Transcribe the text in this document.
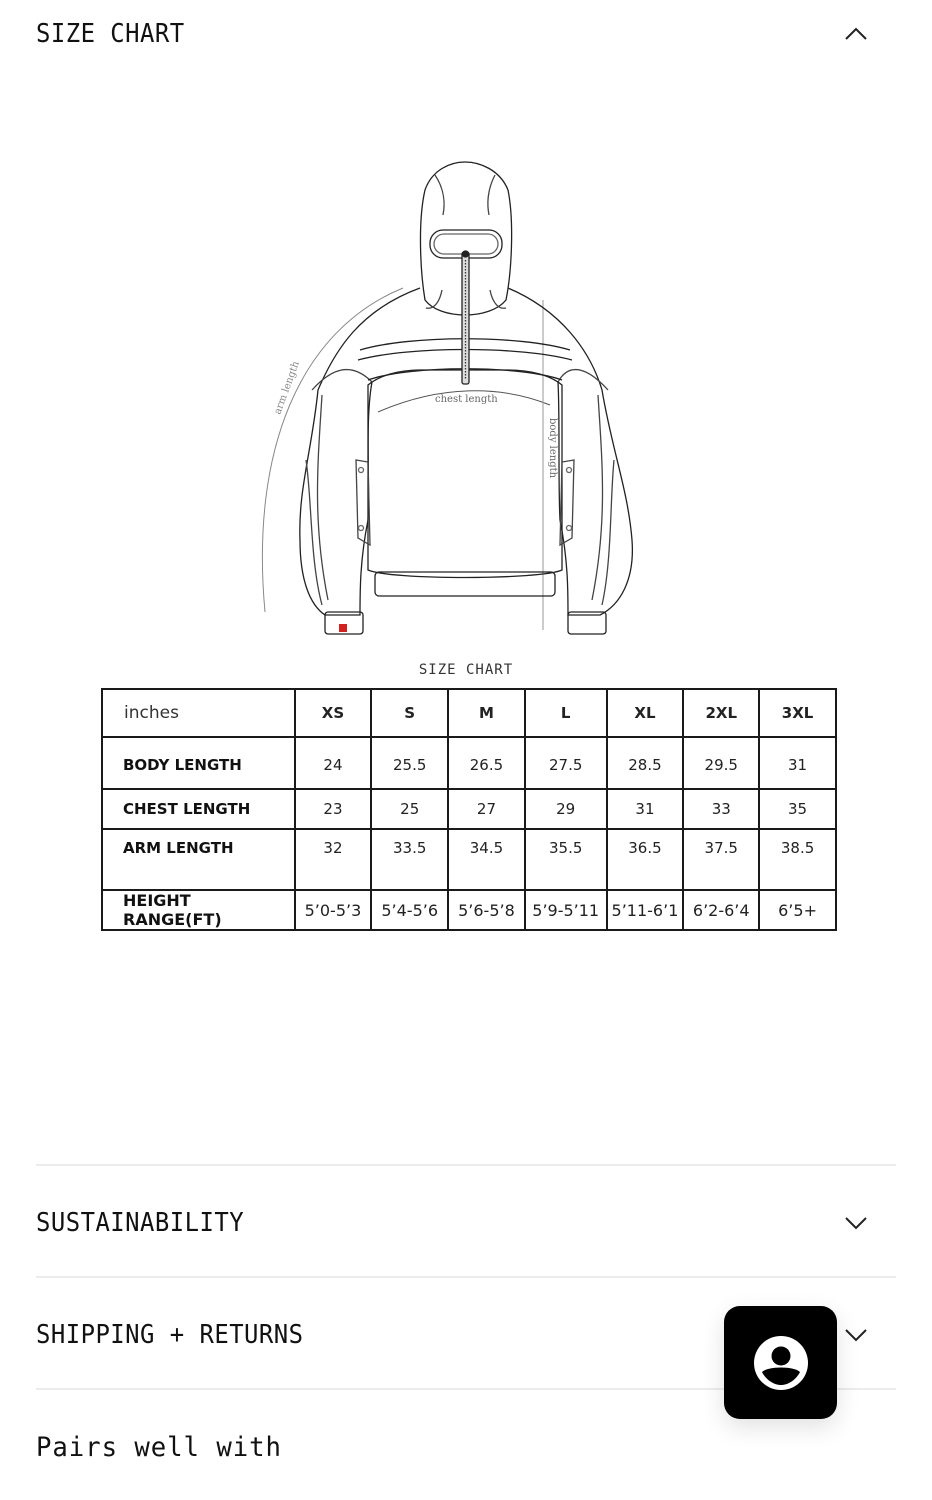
SIZE CHART
arm length	chest length
body length
SIZE CHART
inches	XS	S	M	L	XL	2XL	3XL
BODY LENGTH	24	25.5	26.5	27.5	28.5	29.5	31
CHEST LENGTH	23	25	27	29	31	33	35
ARM LENGTH	32	33.5	34.5	35.5	36.5	37.5	38.5
HEIGHT RANGE(FT)	5’0-5’3	5’4-5’6	5’6-5’8	5’9-5’11	5’11-6’1	6’2-6’4	6’5+
SUSTAINABILITY
SHIPPING + RETURNS
Pairs well with
